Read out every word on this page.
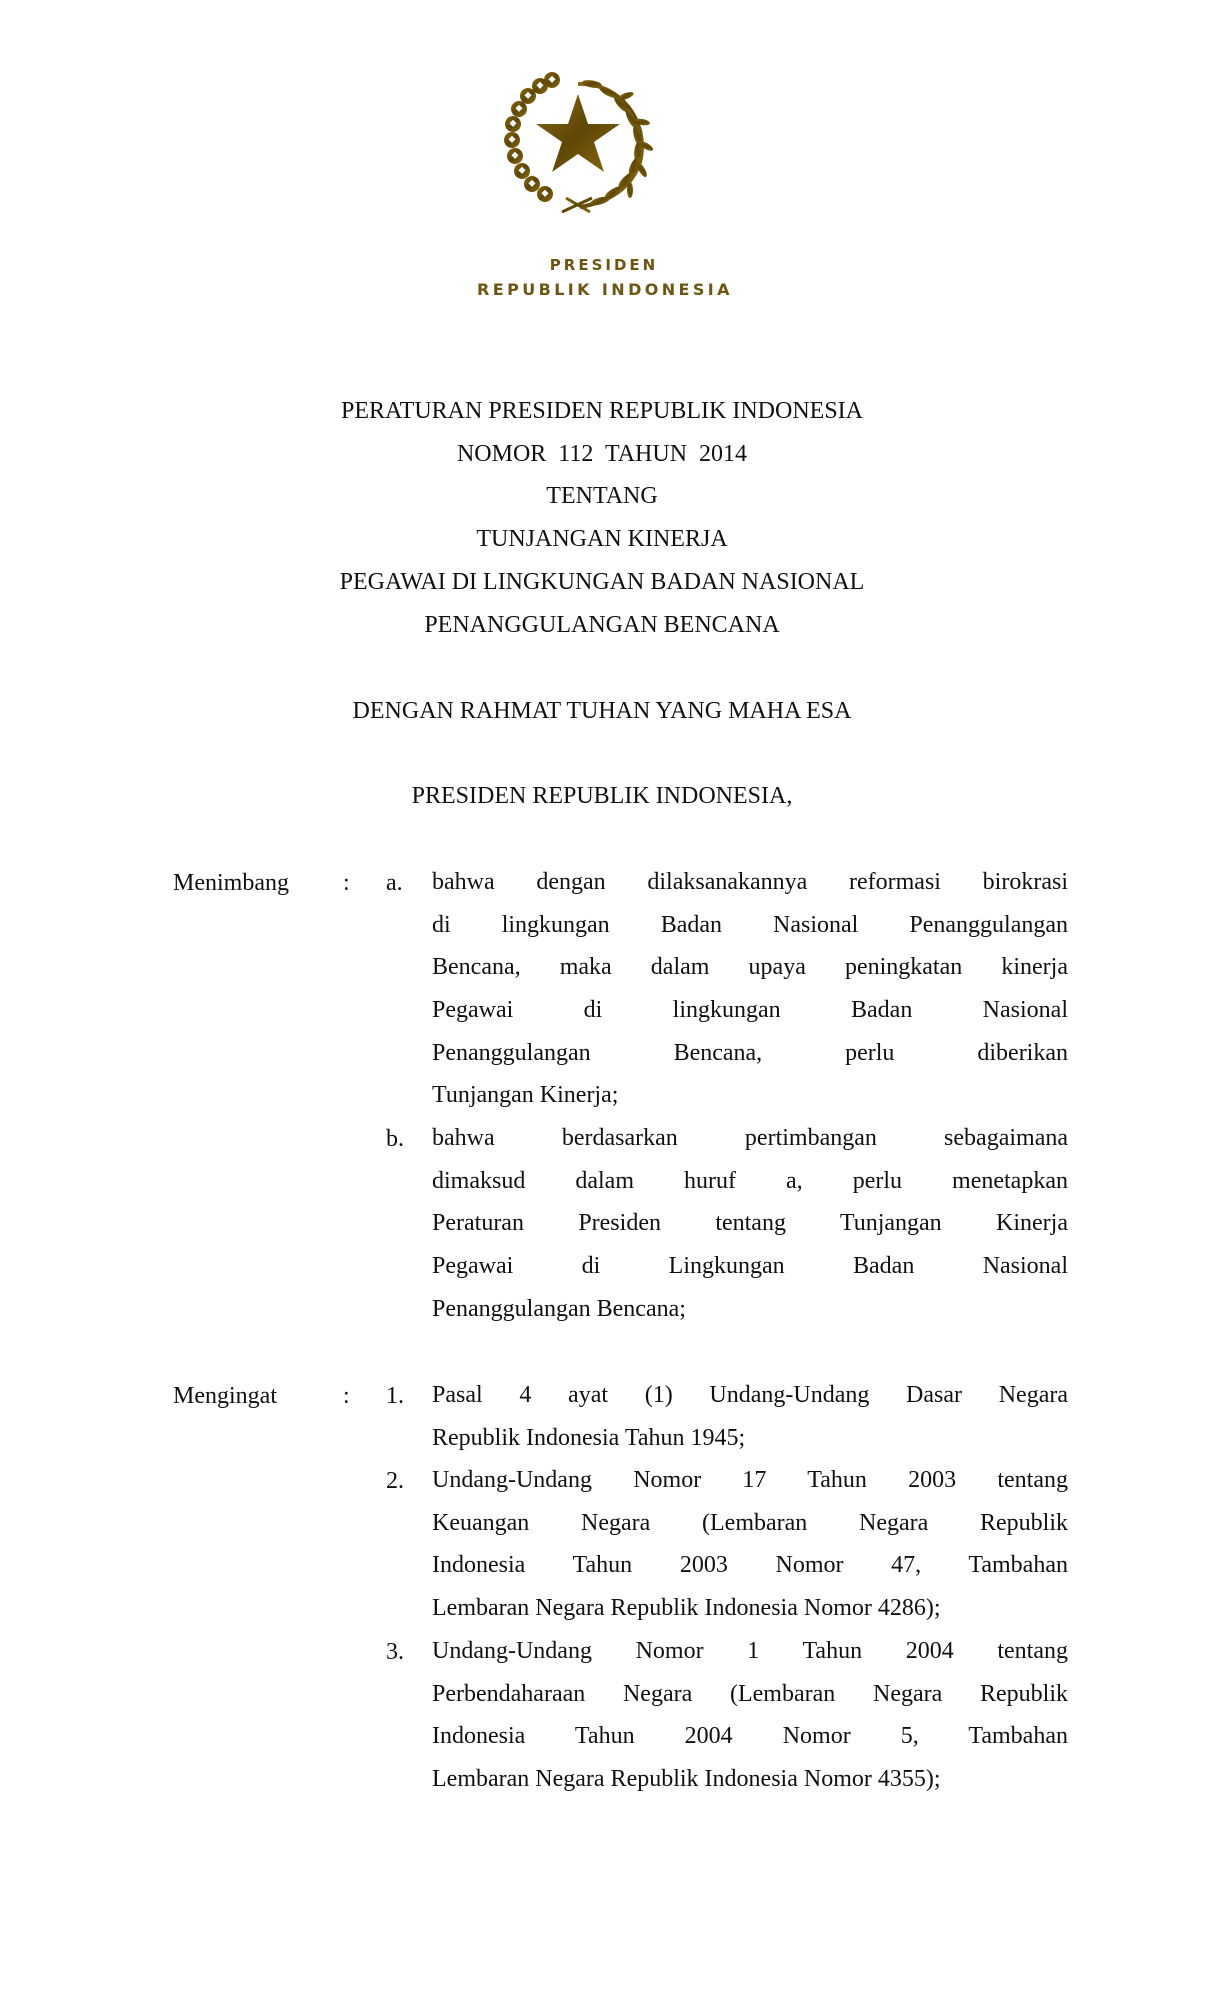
PRESIDEN
REPUBLIK INDONESIA
PERATURAN PRESIDEN REPUBLIK INDONESIA
NOMOR  112  TAHUN  2014
TENTANG
TUNJANGAN KINERJA
PEGAWAI DI LINGKUNGAN BADAN NASIONAL
PENANGGULANGAN BENCANA
DENGAN RAHMAT TUHAN YANG MAHA ESA
PRESIDEN REPUBLIK INDONESIA,
Menimbang : a. bahwa dengan dilaksanakannya reformasi birokrasi
di lingkungan Badan Nasional Penanggulangan
Bencana, maka dalam upaya peningkatan kinerja
Pegawai di lingkungan Badan Nasional
Penanggulangan Bencana, perlu diberikan
Tunjangan Kinerja;
b. bahwa berdasarkan pertimbangan sebagaimana
dimaksud dalam huruf a, perlu menetapkan
Peraturan Presiden tentang Tunjangan Kinerja
Pegawai di Lingkungan Badan Nasional
Penanggulangan Bencana;
Mengingat	: 1. Pasal 4 ayat (1) Undang-Undang Dasar Negara
Republik Indonesia Tahun 1945;
2. Undang-Undang Nomor 17 Tahun 2003 tentang
Keuangan Negara (Lembaran Negara Republik
Indonesia Tahun 2003 Nomor 47, Tambahan
Lembaran Negara Republik Indonesia Nomor 4286);
3. Undang-Undang Nomor 1 Tahun 2004 tentang
Perbendaharaan Negara (Lembaran Negara Republik
Indonesia Tahun 2004 Nomor 5, Tambahan
Lembaran Negara Republik Indonesia Nomor 4355);
